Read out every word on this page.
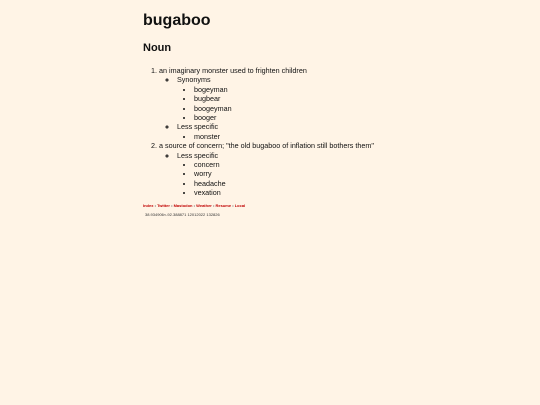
bugaboo
Noun
1. an imaginary monster used to frighten children
◦ Synonyms
• bogeyman
• bugbear
• boogeyman
• booger
◦ Less specific
• monster
2. a source of concern; "the old bugaboo of inflation still bothers them"
◦ Less specific
• concern
• worry
• headache
• vexation
Index • Twitter • Mastodon • Weather • Resume • Local
38.934906≈-92.388871 12012022 132826
